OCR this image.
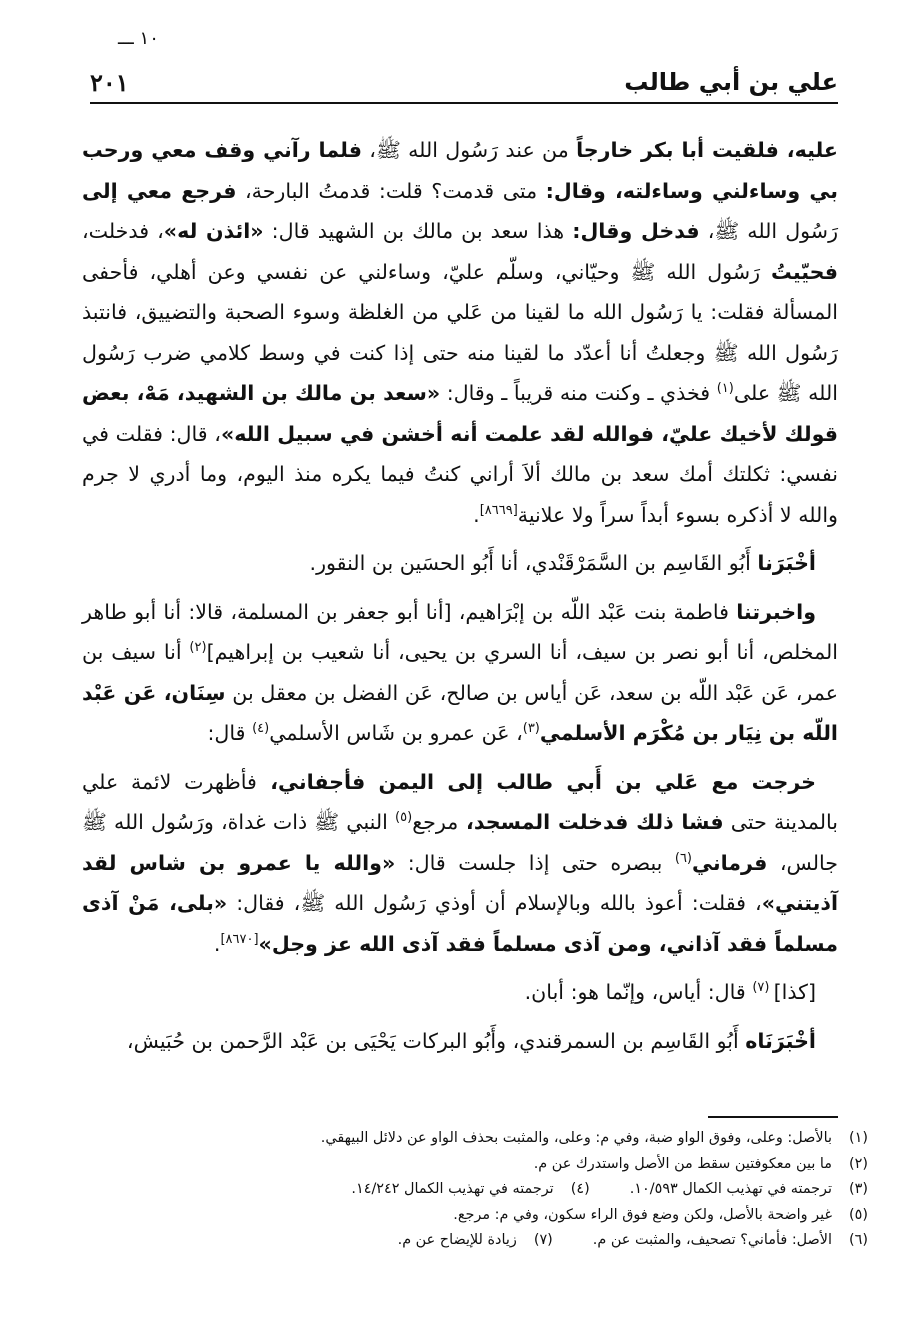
١٠ ـــ
علي بن أبي طالب
٢٠١

عليه، فلقيت أبا بكر خارجاً من عند رَسُول الله ﷺ، فلما رآني وقف معي ورحب بي وساءلني وساءلته، وقال: متى قدمت؟ قلت: قدمتُ البارحة، فرجع معي إلى رَسُول الله ﷺ، فدخل وقال: هذا سعد بن مالك بن الشهيد قال: «ائذن له»، فدخلت، فحيّيتُ رَسُول الله ﷺ وحيّاني، وسلّم عليّ، وساءلني عن نفسي وعن أهلي، فأحفى المسألة فقلت: يا رَسُول الله ما لقينا من عَلي من الغلظة وسوء الصحبة والتضييق، فانتبذ رَسُول الله ﷺ وجعلتُ أنا أعدّد ما لقينا منه حتى إذا كنت في وسط كلامي ضرب رَسُول الله ﷺ على$^{(١)}$ فخذي ـ وكنت منه قريباً ـ وقال: «سعد بن مالك بن الشهيد، مَهْ، بعض قولك لأخيك عليّ، فوالله لقد علمت أنه أخشن في سبيل الله»، قال: فقلت في نفسي: ثكلتك أمك سعد بن مالك ألاَ أراني كنتُ فيما يكره منذ اليوم، وما أدري لا جرم والله لا أذكره بسوء أبداً سراً ولا علانية[٨٦٦٩].

أخْبَرَنا أَبُو القَاسِم بن السَّمَرْقَنْدي، أنا أَبُو الحسَين بن النقور.

واخبرتنا فاطمة بنت عَبْد اللّه بن إبْرَاهيم، [أنا أبو جعفر بن المسلمة، قالا: أنا أبو طاهر المخلص، أنا أبو نصر بن سيف، أنا السري بن يحيى، أنا شعيب بن إبراهيم]$^{(٢)}$ أنا سيف بن عمر، عَن عَبْد اللّه بن سعد، عَن أياس بن صالح، عَن الفضل بن معقل بن سِنَان، عَن عَبْد اللّه بن نِيَار بن مُكْرَم الأسلمي$^{(٣)}$، عَن عمرو بن شَاس الأسلمي$^{(٤)}$ قال:

خرجت مع عَلي بن أَبي طالب إلى اليمن فأجفاني، فأظهرت لائمة علي بالمدينة حتى فشا ذلك فدخلت المسجد، مرجع$^{(٥)}$ النبي ﷺ ذات غداة، ورَسُول الله ﷺ جالس، فرماني$^{(٦)}$ ببصره حتى إذا جلست قال: «والله يا عمرو بن شاس لقد آذيتني»، فقلت: أعوذ بالله وبالإسلام أن أوذي رَسُول الله ﷺ، فقال: «بلى، مَنْ آذى مسلماً فقد آذاني، ومن آذى مسلماً فقد آذى الله عز وجل»[٨٦٧٠].

[كذا] $^{(٧)}$ قال: أياس، وإنّما هو: أبان.

أخْبَرَنَاه أَبُو القَاسِم بن السمرقندي، وأَبُو البركات يَحْيَى بن عَبْد الرَّحمن بن حُبَيش،

(١)بالأصل: وعلى، وفوق الواو ضبة، وفي م: وعلى، والمثبت بحذف الواو عن دلائل البيهقي.
(٢)ما بين معكوفتين سقط من الأصل واستدرك عن م.
(٣)ترجمته في تهذيب الكمال ١٠/٥٩٣.(٤)ترجمته في تهذيب الكمال ١٤/٢٤٢.
(٥)غير واضحة بالأصل، ولكن وضع فوق الراء سكون، وفي م: مرجع.
(٦)الأصل: فأماني؟ تصحيف، والمثبت عن م.(٧)زيادة للإيضاح عن م.
